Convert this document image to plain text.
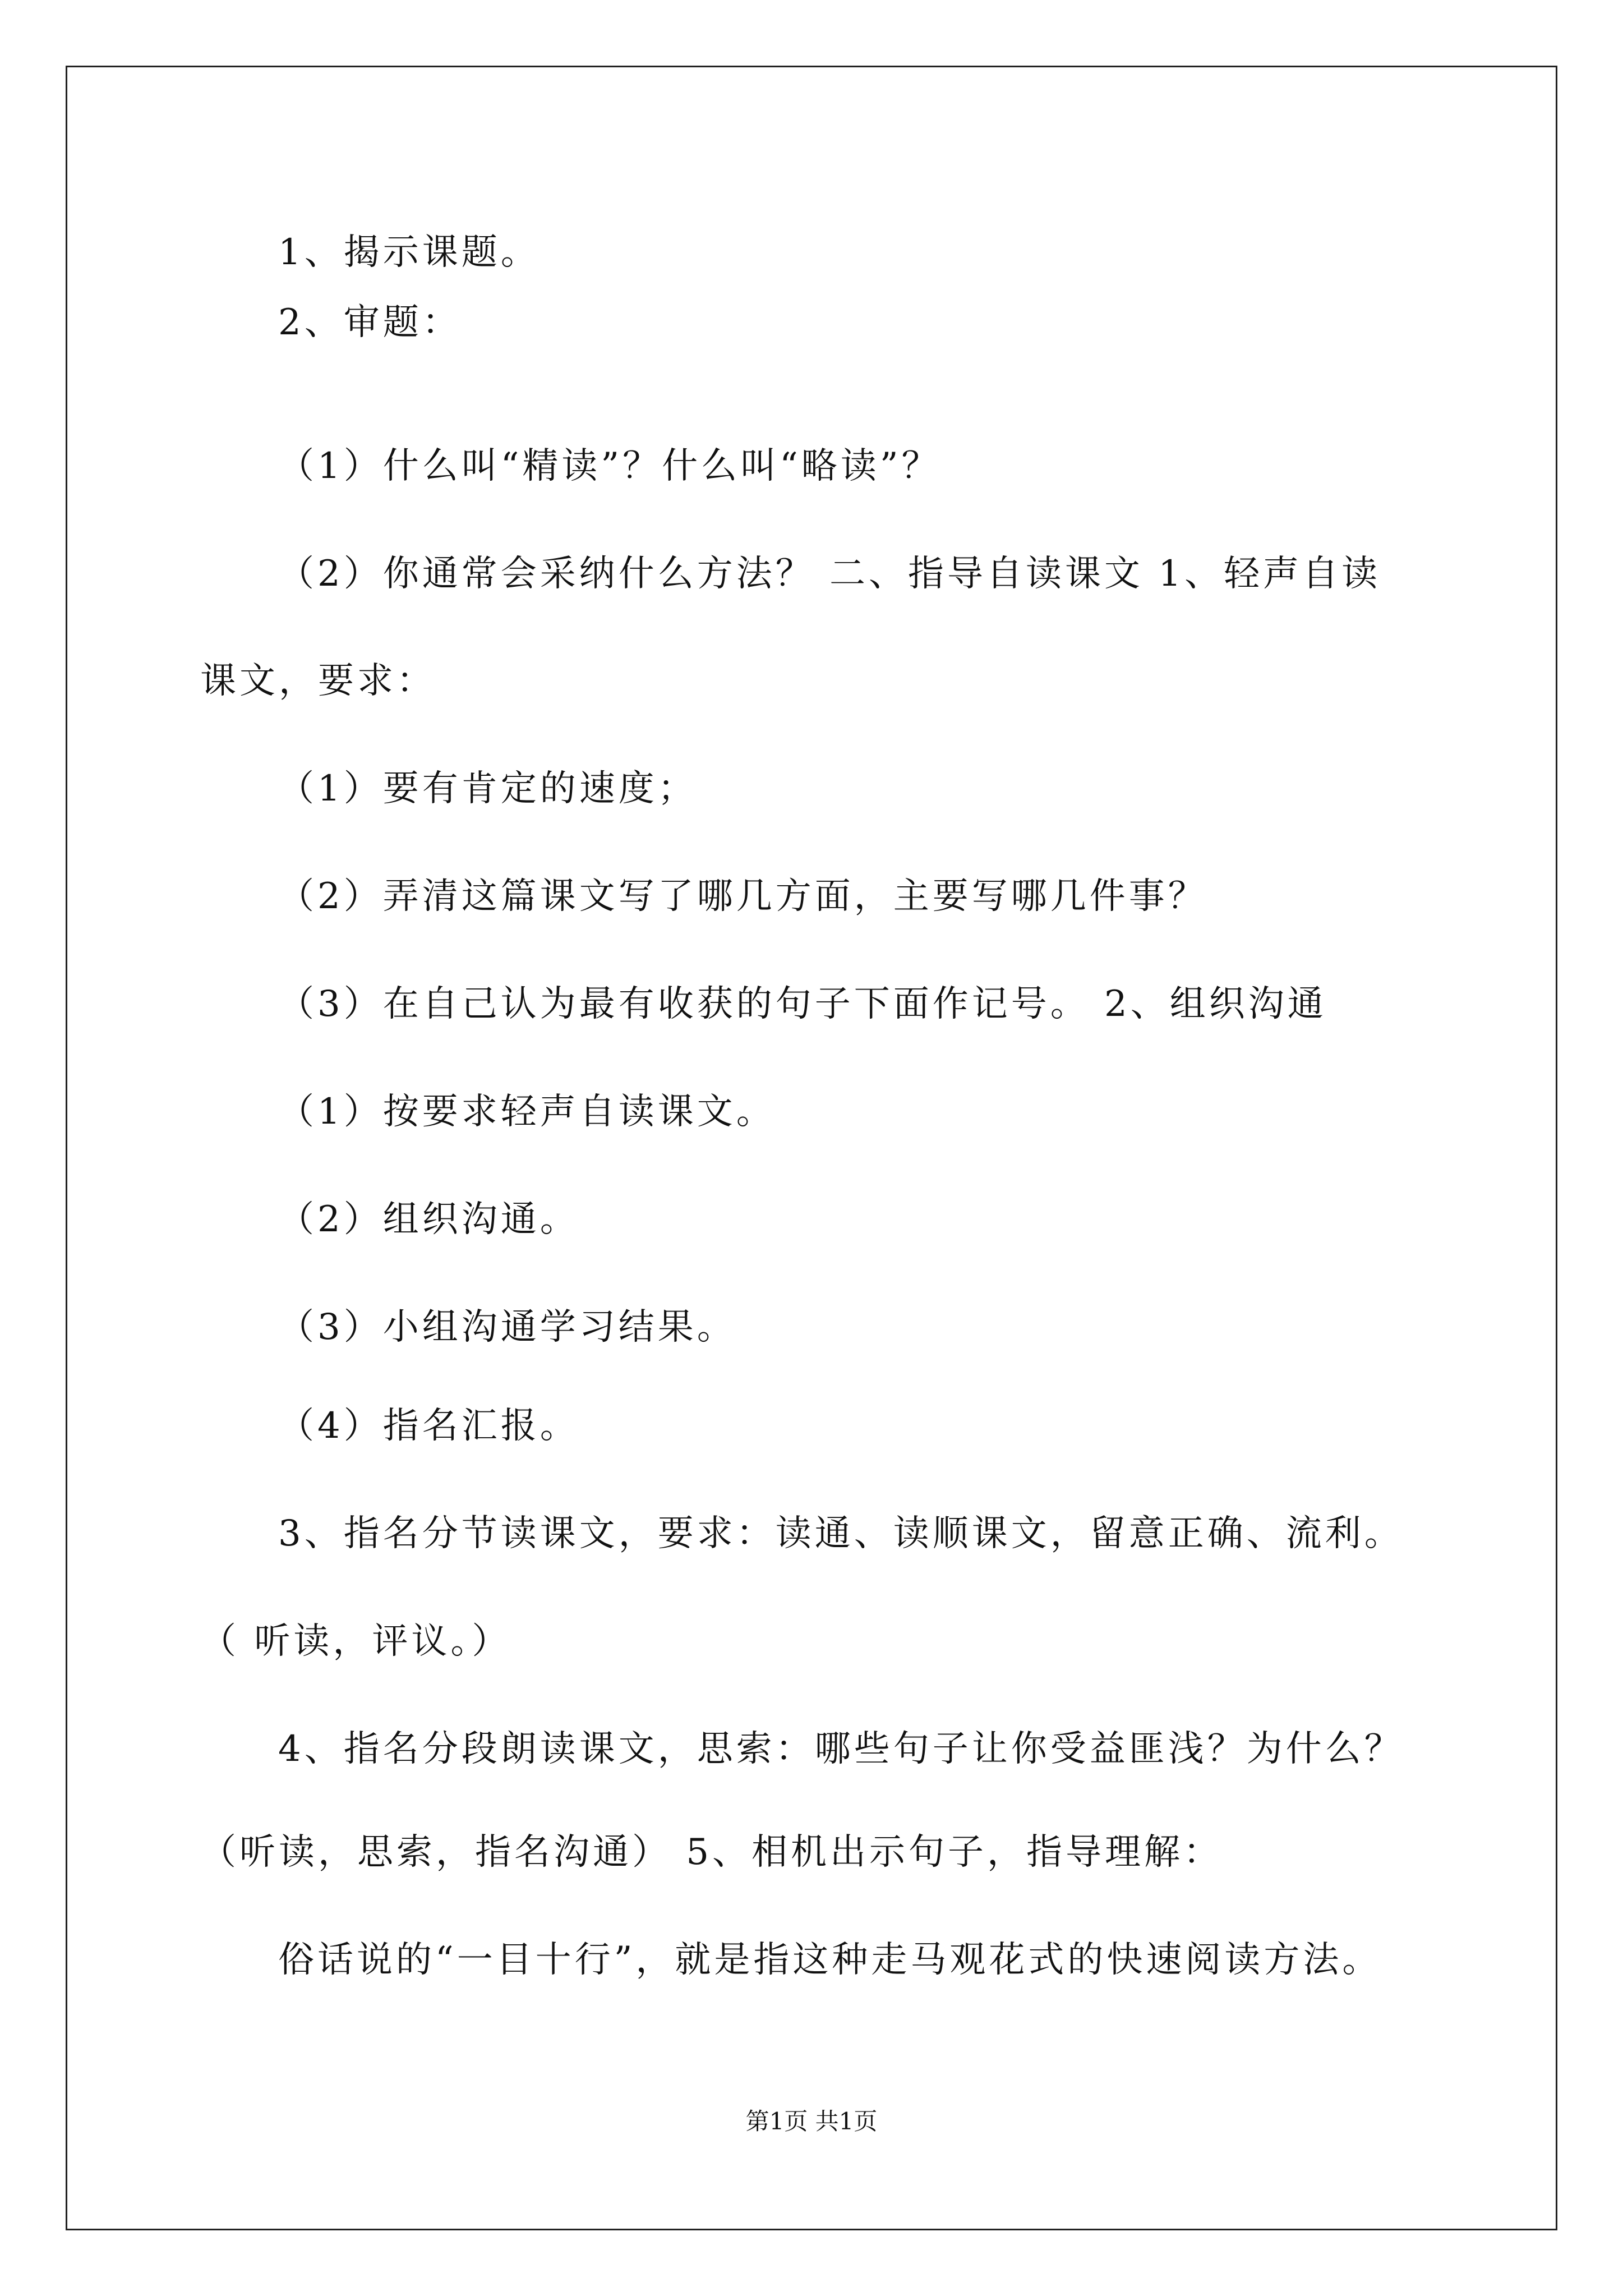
1、揭示课题。
2、审题：
（1）什么叫“精读”？什么叫“略读”？
（2）你通常会采纳什么方法？ 二、指导自读课文 1、轻声自读
课文，要求：
（1）要有肯定的速度；
（2）弄清这篇课文写了哪几方面，主要写哪几件事？
（3）在自己认为最有收获的句子下面作记号。 2、组织沟通
（1）按要求轻声自读课文。
（2）组织沟通。
（3）小组沟通学习结果。
（4）指名汇报。
3、指名分节读课文，要求：读通、读顺课文，留意正确、流利。
（ 听读，评议。）
4、指名分段朗读课文，思索：哪些句子让你受益匪浅？为什么？
（听读，思索，指名沟通） 5、相机出示句子，指导理解：
俗话说的“一目十行”，就是指这种走马观花式的快速阅读方法。
第1页 共1页
